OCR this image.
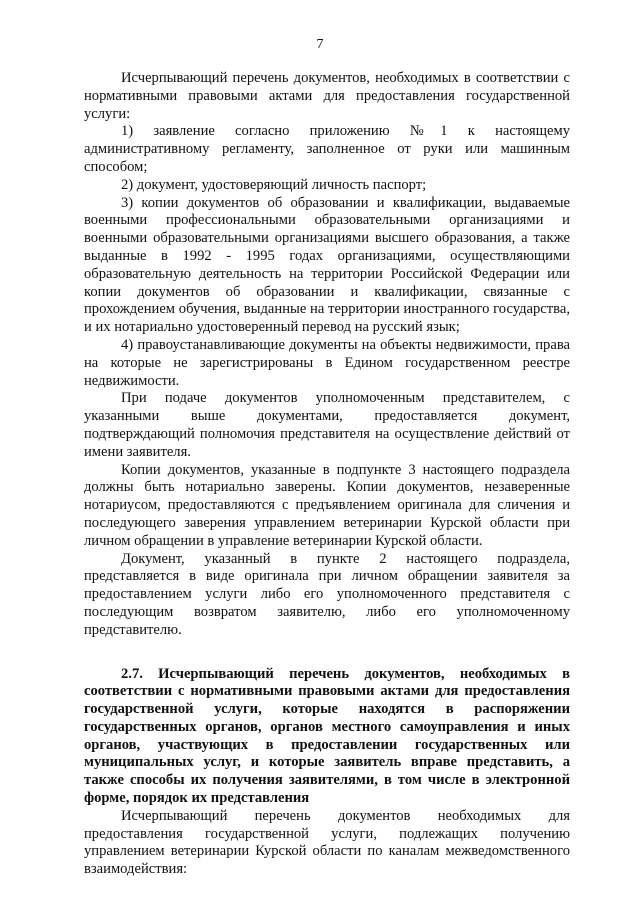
7

Исчерпывающий перечень документов, необходимых в соответствии с нормативными правовыми актами для предоставления государственной услуги:

1) заявление согласно приложению №1 к настоящему административному регламенту, заполненное от руки или машинным способом;

2) документ, удостоверяющий личность паспорт;

3) копии документов об образовании и квалификации, выдаваемые военными профессиональными образовательными организациями и военными образовательными организациями высшего образования, а также выданные в 1992 - 1995 годах организациями, осуществляющими образовательную деятельность на территории Российской Федерации или копии документов об образовании и квалификации, связанные с прохождением обучения, выданные на территории иностранного государства, и их нотариально удостоверенный перевод на русский язык;

4) правоустанавливающие документы на объекты недвижимости, права на которые не зарегистрированы в Едином государственном реестре недвижимости.

При подаче документов уполномоченным представителем, с указанными выше документами, предоставляется документ, подтверждающий полномочия представителя на осуществление действий от имени заявителя.

Копии документов, указанные в подпункте 3 настоящего подраздела должны быть нотариально заверены. Копии документов, незаверенные нотариусом, предоставляются с предъявлением оригинала для сличения и последующего заверения управлением ветеринарии Курской области при личном обращении в управление ветеринарии Курской области.

Документ, указанный в пункте 2 настоящего подраздела, представляется в виде оригинала при личном обращении заявителя за предоставлением услуги либо его уполномоченного представителя с последующим возвратом заявителю, либо его уполномоченному представителю.

2.7. Исчерпывающий перечень документов, необходимых в соответствии с нормативными правовыми актами для предоставления государственной услуги, которые находятся в распоряжении государственных органов, органов местного самоуправления и иных органов, участвующих в предоставлении государственных или муниципальных услуг, и которые заявитель вправе представить, а также способы их получения заявителями, в том числе в электронной форме, порядок их представления

Исчерпывающий перечень документов необходимых для предоставления государственной услуги, подлежащих получению управлением ветеринарии Курской области по каналам межведомственного взаимодействия:
